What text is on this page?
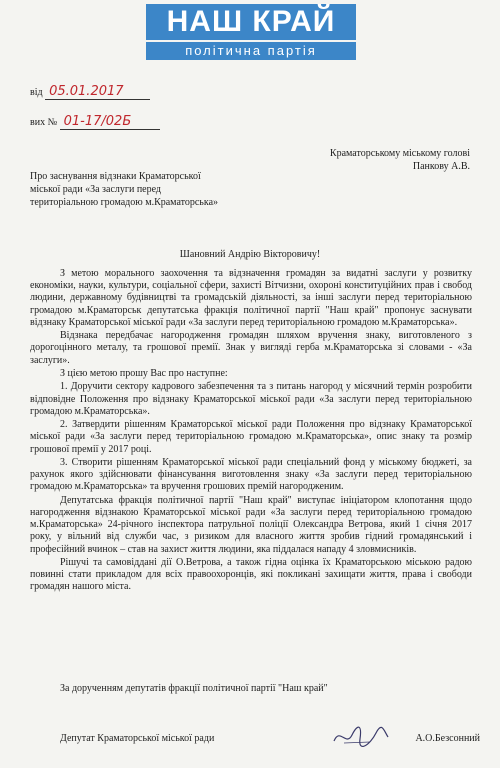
НАШ КРАЙ
політична партія
від 05.01.2017
вих № 01-17/02Б
Краматорському міському голові
Панкову А.В.
Про заснування відзнаки Краматорської міської ради «За заслуги перед територіальною громадою м.Краматорська»
Шановний Андрію Вікторовичу!

З метою морального заохочення та відзначення громадян за видатні заслуги у розвитку економіки, науки, культури, соціальної сфери, захисті Вітчизни, охороні конституційних прав і свобод людини, державному будівництві та громадській діяльності, за інші заслуги перед територіальною громадою м.Краматорськ депутатська фракція політичної партії "Наш край" пропонує заснувати відзнаку Краматорської міської ради «За заслуги перед територіальною громадою м.Краматорська».

Відзнака передбачає нагородження громадян шляхом вручення знаку, виготовленого з дорогоцінного металу, та грошової премії. Знак у вигляді герба м.Краматорська зі словами - «За заслуги».

З цією метою прошу Вас про наступне:

1. Доручити сектору кадрового забезпечення та з питань нагород у місячний термін розробити відповідне Положення про відзнаку Краматорської міської ради «За заслуги перед територіальною громадою м.Краматорська».

2. Затвердити рішенням Краматорської міської ради Положення про відзнаку Краматорської міської ради «За заслуги перед територіальною громадою м.Краматорська», опис знаку та розмір грошової премії у 2017 році.

3. Створити рішенням Краматорської міської ради спеціальний фонд у міському бюджеті, за рахунок якого здійснювати фінансування виготовлення знаку «За заслуги перед територіальною громадою м.Краматорська» та вручення грошових премій нагородженим.

Депутатська фракція політичної партії "Наш край" виступає ініціатором клопотання щодо нагородження відзнакою Краматорської міської ради «За заслуги перед територіальною громадою м.Краматорська» 24-річного інспектора патрульної поліції Олександра Ветрова, який 1 січня 2017 року, у вільний від служби час, з ризиком для власного життя зробив гідний громадянський і професійний вчинок – став на захист життя людини, яка піддалася нападу 4 зловмисників.

Рішучі та самовіддані дії О.Ветрова, а також гідна оцінка їх Краматорською міською радою повинні стати прикладом для всіх правоохоронців, які покликані захищати життя, права і свободи громадян нашого міста.

За дорученням депутатів фракції політичної партії "Наш край"
Депутат Краматорської міської ради	А.О.Безсонний
